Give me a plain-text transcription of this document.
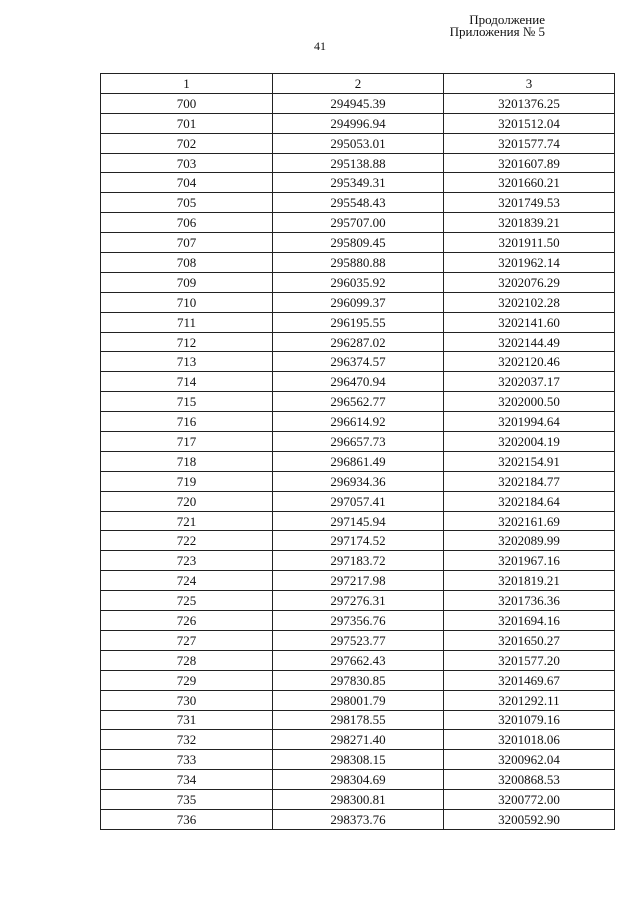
Продолжение
Приложения № 5
41
1	2	3
700	294945.39	3201376.25
701	294996.94	3201512.04
702	295053.01	3201577.74
703	295138.88	3201607.89
704	295349.31	3201660.21
705	295548.43	3201749.53
706	295707.00	3201839.21
707	295809.45	3201911.50
708	295880.88	3201962.14
709	296035.92	3202076.29
710	296099.37	3202102.28
711	296195.55	3202141.60
712	296287.02	3202144.49
713	296374.57	3202120.46
714	296470.94	3202037.17
715	296562.77	3202000.50
716	296614.92	3201994.64
717	296657.73	3202004.19
718	296861.49	3202154.91
719	296934.36	3202184.77
720	297057.41	3202184.64
721	297145.94	3202161.69
722	297174.52	3202089.99
723	297183.72	3201967.16
724	297217.98	3201819.21
725	297276.31	3201736.36
726	297356.76	3201694.16
727	297523.77	3201650.27
728	297662.43	3201577.20
729	297830.85	3201469.67
730	298001.79	3201292.11
731	298178.55	3201079.16
732	298271.40	3201018.06
733	298308.15	3200962.04
734	298304.69	3200868.53
735	298300.81	3200772.00
736	298373.76	3200592.90
